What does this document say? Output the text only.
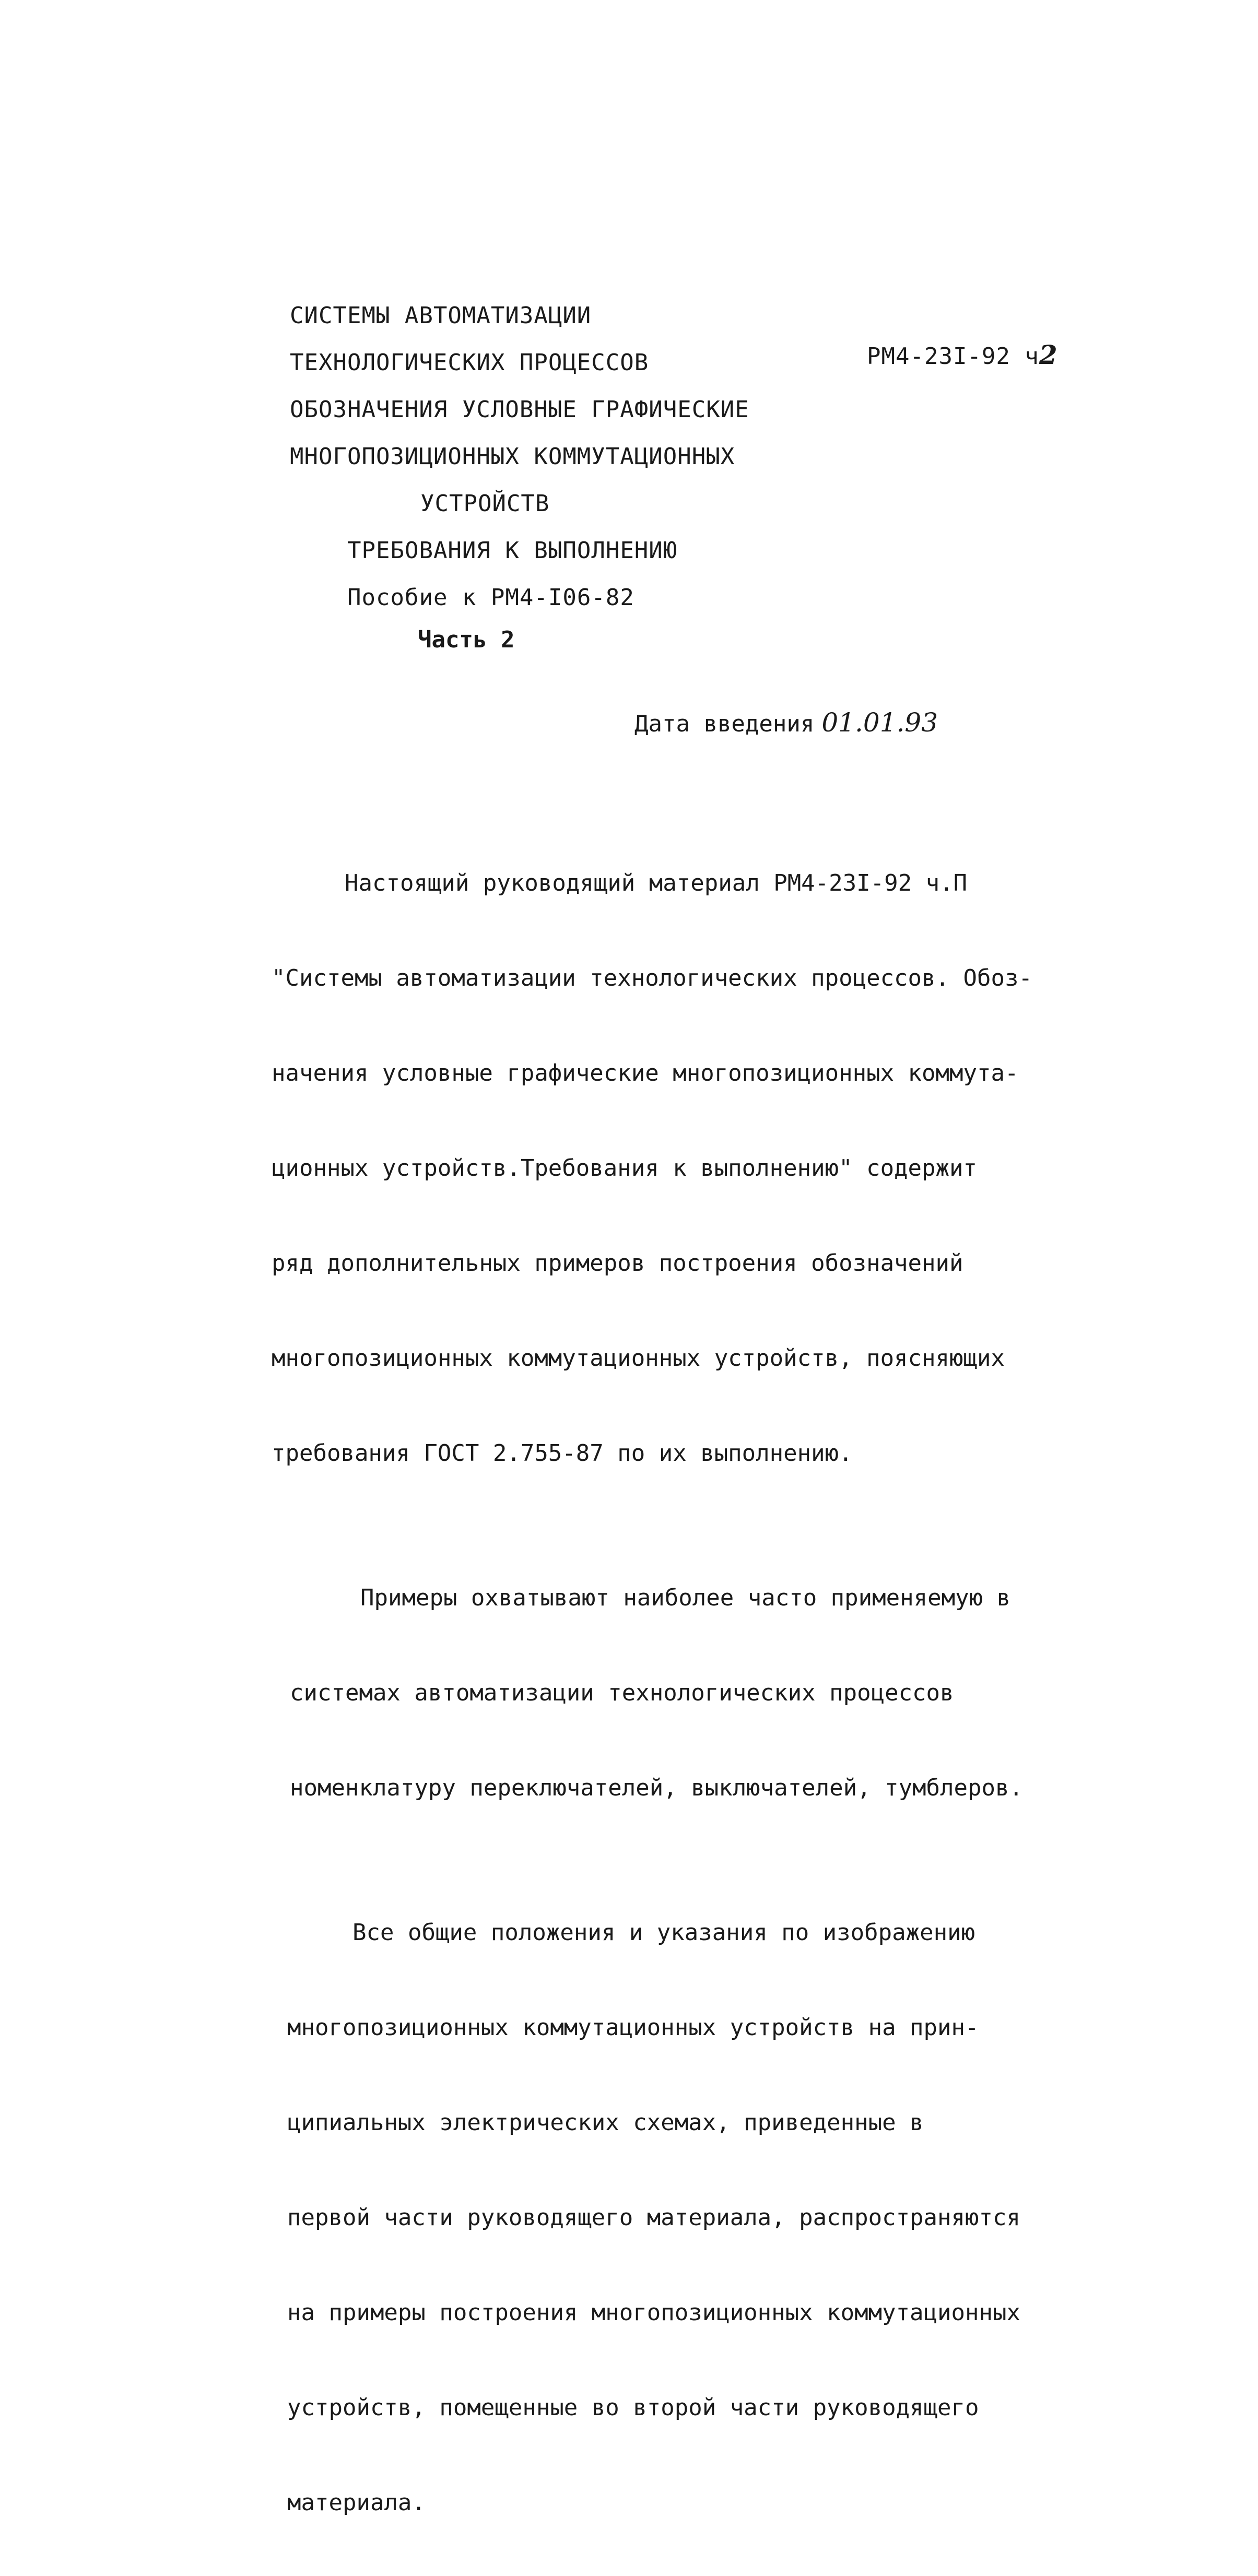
СИСТЕМЫ АВТОМАТИЗАЦИИ
ТЕХНОЛОГИЧЕСКИХ ПРОЦЕССОВ
ОБОЗНАЧЕНИЯ УСЛОВНЫЕ ГРАФИЧЕСКИЕ
МНОГОПОЗИЦИОННЫХ КОММУТАЦИОННЫХ
УСТРОЙСТВ
ТРЕБОВАНИЯ К ВЫПОЛНЕНИЮ
Пособие к РМ4-I06-82
РМ4-23I-92 ч2
Часть 2
Дата введения 01.01.93

Настоящий руководящий материал РМ4-23I-92 ч.П

"Системы автоматизации технологических процессов. Обоз-

начения условные графические многопозиционных коммута-

ционных устройств.Требования к выполнению" содержит

ряд дополнительных примеров построения обозначений

многопозиционных коммутационных устройств, поясняющих

требования ГОСТ 2.755-87 по их выполнению.

Примеры охватывают наиболее часто применяемую в

системах автоматизации технологических процессов

номенклатуру переключателей, выключателей, тумблеров.

Все общие положения и указания по изображению

многопозиционных коммутационных устройств на прин-

ципиальных электрических схемах, приведенные в

первой части руководящего материала, распространяются

на примеры построения многопозиционных коммутационных

устройств, помещенные во второй части руководящего

материала.
